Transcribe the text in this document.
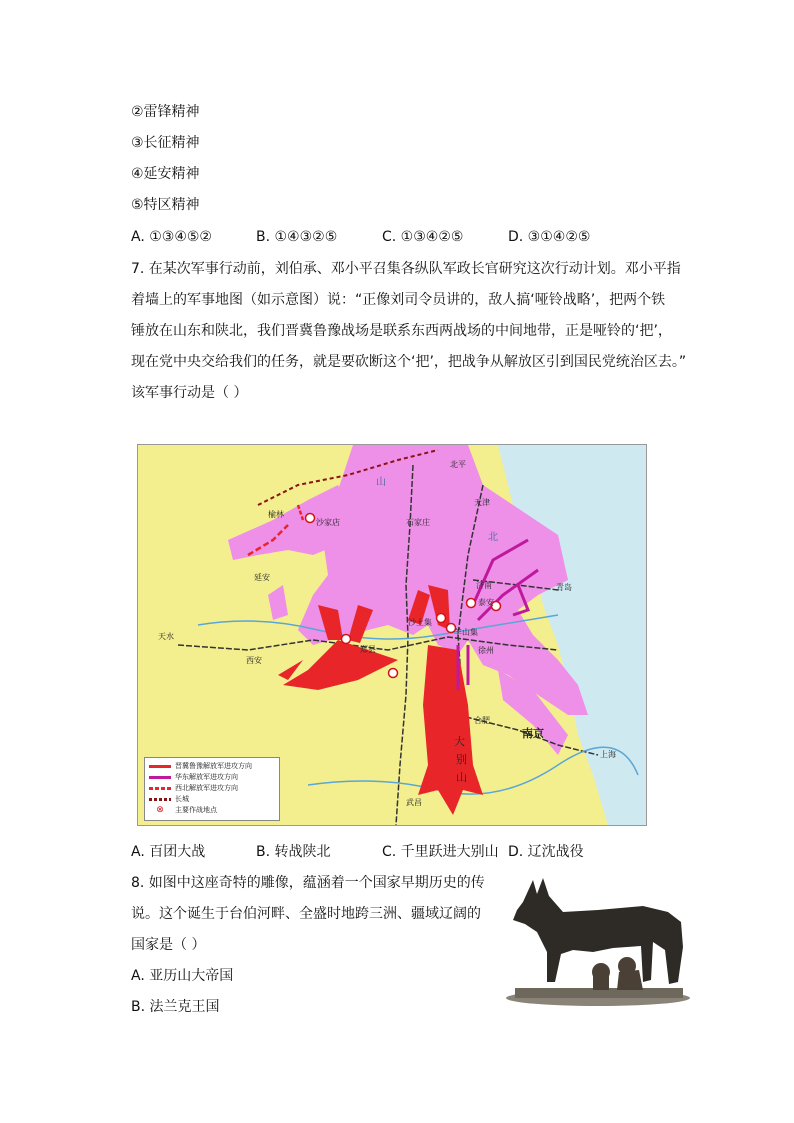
②雷锋精神
③长征精神
④延安精神
⑤特区精神
A. ①③④⑤②	B. ①④③②⑤	C. ①③④②⑤	D. ③①④②⑤
7. 在某次军事行动前，刘伯承、邓小平召集各纵队军政长官研究这次行动计划。邓小平指
着墙上的军事地图（如示意图）说：“正像刘司令员讲的，敌人搞‘哑铃战略’，把两个铁
锤放在山东和陕北，我们晋冀鲁豫战场是联系东西两战场的中间地带，正是哑铃的‘把’，
现在党中央交给我们的任务，就是要砍断这个‘把’，把战争从解放区引到国民党统治区去。”
该军事行动是（ ）
榆林
沙家店
延安
天水
西安
郑县
石家庄
北平
天津
济南
泰安
青岛
沙土集
羊山集
徐州
合肥
南京
上海
武昌
山
北
大
别
山
晋冀鲁豫解放军进攻方向
华东解放军进攻方向
西北解放军进攻方向
长城
⊗	主要作战地点
A. 百团大战	B. 转战陕北	C. 千里跃进大别山 D. 辽沈战役
8. 如图中这座奇特的雕像，蕴涵着一个国家早期历史的传
说。这个诞生于台伯河畔、全盛时地跨三洲、疆域辽阔的
国家是（ ）
A. 亚历山大帝国
B. 法兰克王国
